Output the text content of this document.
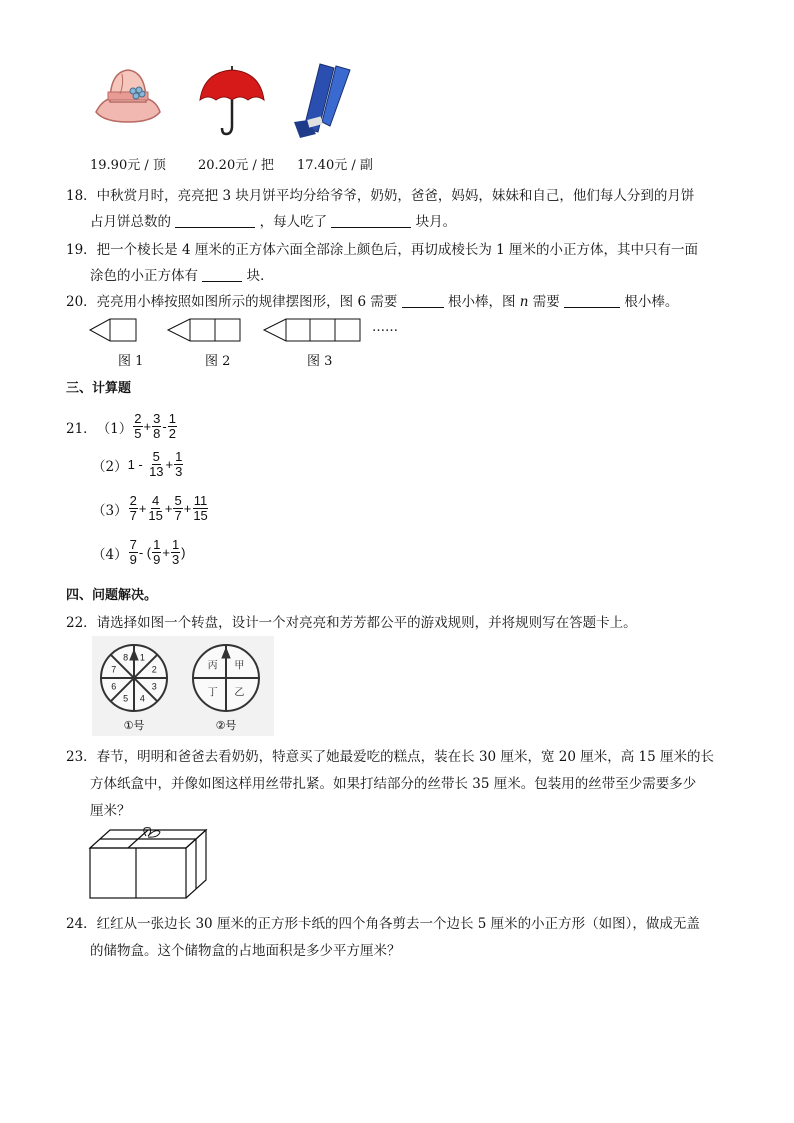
19.90元 / 顶 20.20元 / 把 17.40元 / 副
18．中秋赏月时，亮亮把 3 块月饼平均分给爷爷，奶奶，爸爸，妈妈，妹妹和自己，他们每人分到的月饼
占月饼总数的	，每人吃了	块月。
19．把一个棱长是 4 厘米的正方体六面全部涂上颜色后，再切成棱长为 1 厘米的小正方体，其中只有一面
涂色的小正方体有	块．
20．亮亮用小棒按照如图所示的规律摆图形，图 6 需要	根小棒，图 n 需要	根小棒。
……
图 1	图 2	图 3
三、计算题
21． $(1) \frac{2}{5} + \frac{3}{8} - \frac{1}{2}$
（2） 1 -
$\frac{5}{13} + \frac{1}{3}$
$(3) \frac{2}{7} + \frac{4}{15} + \frac{5}{7} + \frac{11}{15}$
$(4) \frac{7}{9}$ - ( $\frac{1}{9} + \frac{1}{3}$ )
四、问题解决。
22．请选择如图一个转盘，设计一个对亮亮和芳芳都公平的游戏规则，并将规则写在答题卡上。
1
2
3
4
5
6
7
8
甲
乙
丁
丙
①号	②号
23．春节，明明和爸爸去看奶奶，特意买了她最爱吃的糕点，装在长 30 厘米，宽 20 厘米，高 15 厘米的长
方体纸盒中，并像如图这样用丝带扎紧。如果打结部分的丝带长 35 厘米。包装用的丝带至少需要多少
厘米？
24．红红从一张边长 30 厘米的正方形卡纸的四个角各剪去一个边长 5 厘米的小正方形（如图），做成无盖
的储物盒。这个储物盒的占地面积是多少平方厘米？
